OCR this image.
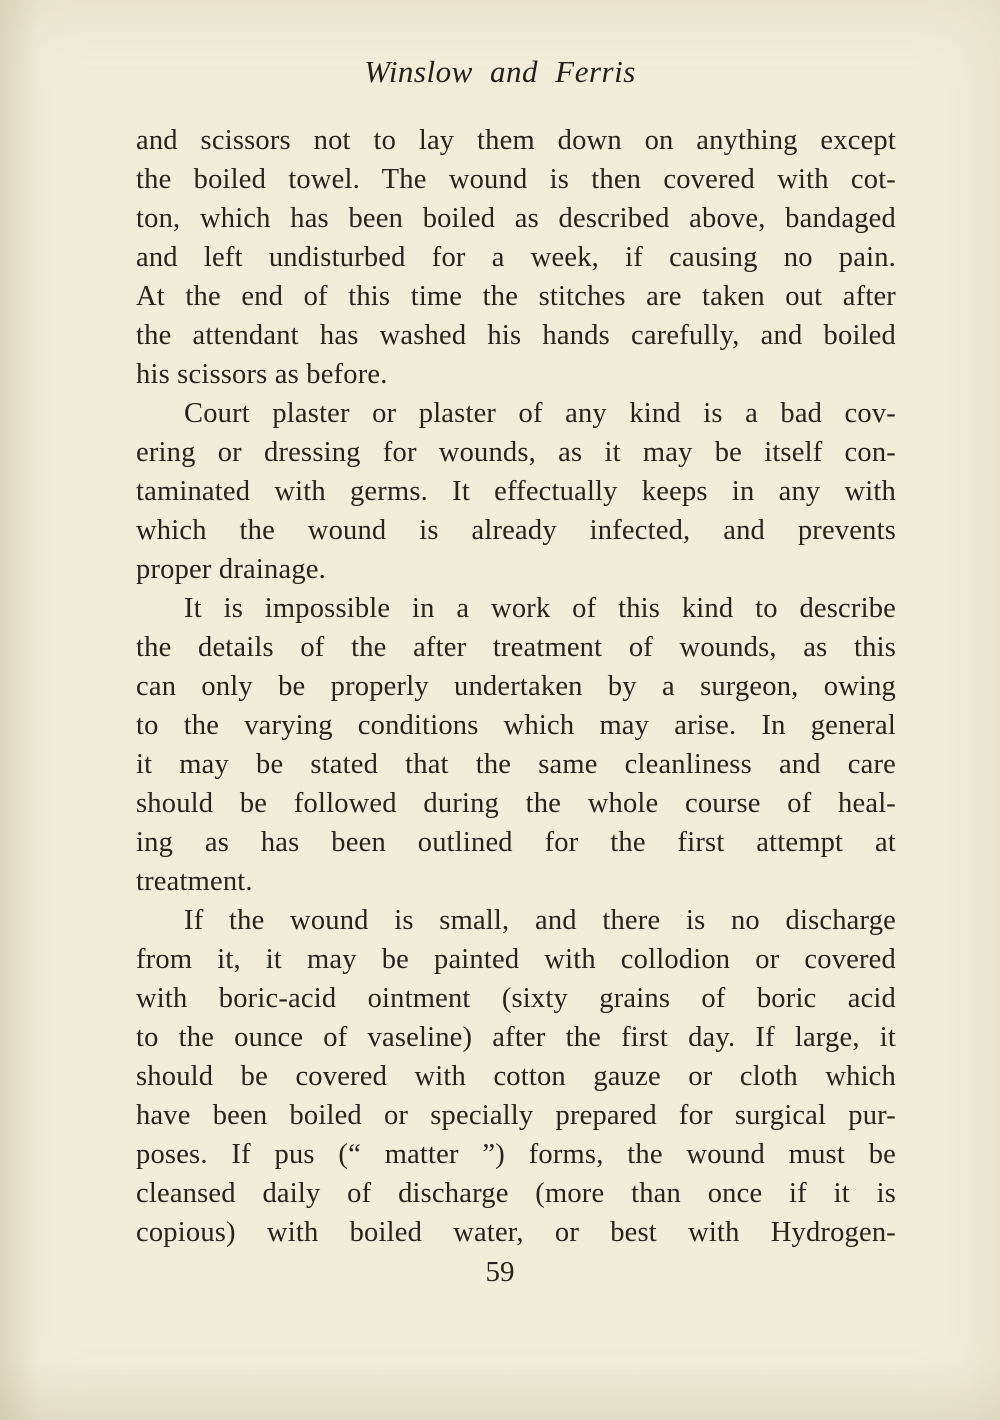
Winslow and Ferris
and scissors not to lay them down on anything except
the boiled towel. The wound is then covered with cot-
ton, which has been boiled as described above, bandaged
and left undisturbed for a week, if causing no pain.
At the end of this time the stitches are taken out after
the attendant has washed his hands carefully, and boiled
his scissors as before.
Court plaster or plaster of any kind is a bad cov-
ering or dressing for wounds, as it may be itself con-
taminated with germs. It effectually keeps in any with
which the wound is already infected, and prevents
proper drainage.
It is impossible in a work of this kind to describe
the details of the after treatment of wounds, as this
can only be properly undertaken by a surgeon, owing
to the varying conditions which may arise. In general
it may be stated that the same cleanliness and care
should be followed during the whole course of heal-
ing as has been outlined for the first attempt at
treatment.
If the wound is small, and there is no discharge
from it, it may be painted with collodion or covered
with boric-acid ointment (sixty grains of boric acid
to the ounce of vaseline) after the first day. If large, it
should be covered with cotton gauze or cloth which
have been boiled or specially prepared for surgical pur-
poses. If pus (“ matter ”) forms, the wound must be
cleansed daily of discharge (more than once if it is
copious) with boiled water, or best with Hydrogen-
59
